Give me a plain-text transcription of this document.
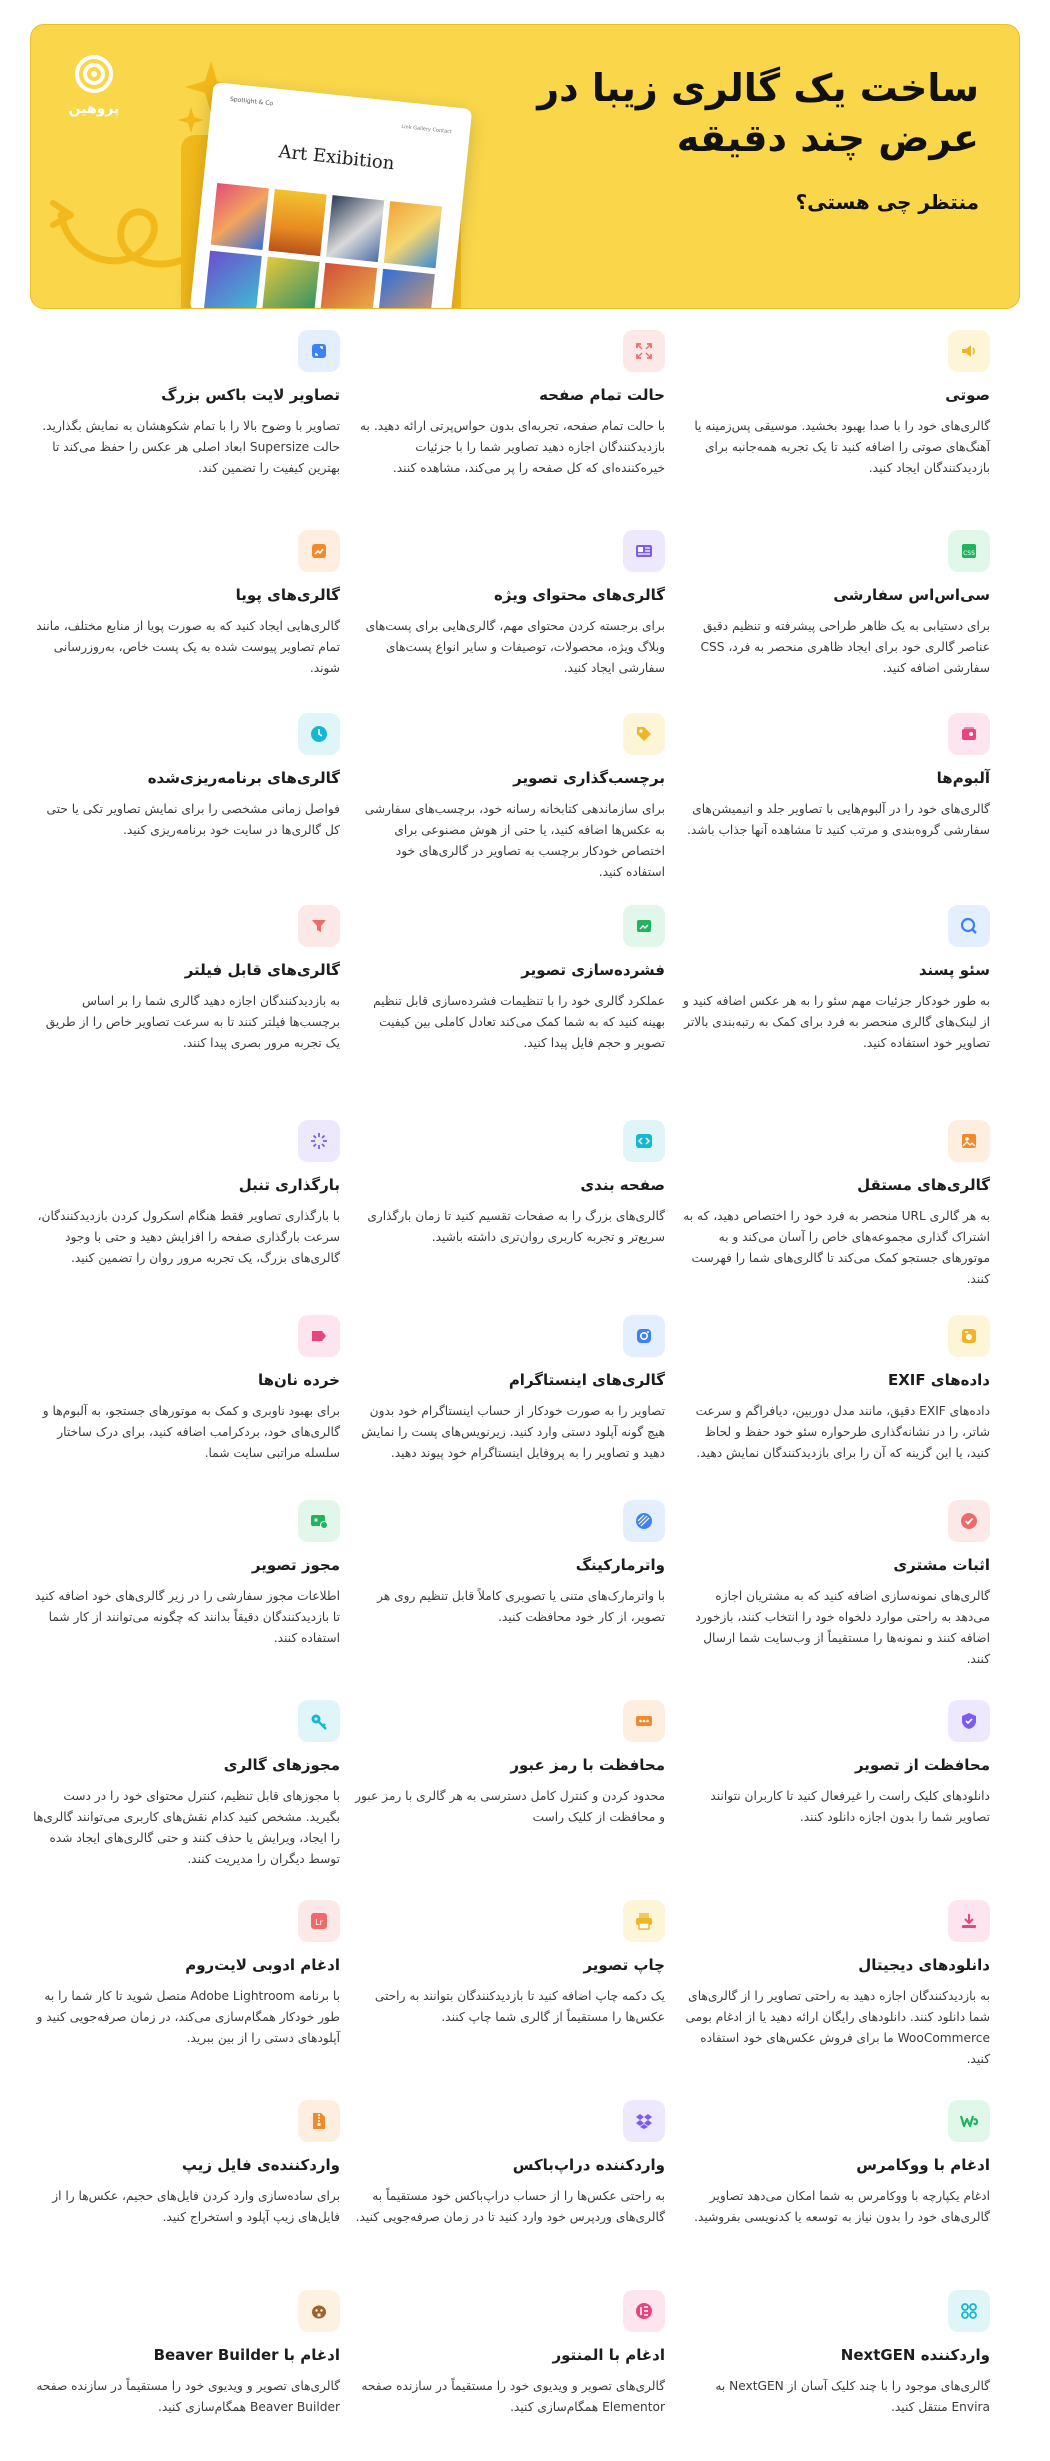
Spotlight & Co
Link Gallery Contact
Art Exibition
پروهین	ساخت یک گالری زیبا در عرض چند دقیقه
منتظر چی هستی؟
صوتی

گالری‌های خود را با صدا بهبود بخشید. موسیقی پس‌زمینه یا آهنگ‌های صوتی را اضافه کنید تا یک تجربه همه‌جانبه برای بازدیدکنندگان ایجاد کنید.

حالت تمام صفحه

با حالت تمام صفحه، تجربه‌ای بدون حواس‌پرتی ارائه دهید. به بازدیدکنندگان اجازه دهید تصاویر شما را با جزئیات خیره‌کننده‌ای که کل صفحه را پر می‌کند، مشاهده کنند.

تصاویر لایت باکس بزرگ

تصاویر با وضوح بالا را با تمام شکوهشان به نمایش بگذارید. حالت Supersize ابعاد اصلی هر عکس را حفظ می‌کند تا بهترین کیفیت را تضمین کند.

CSS
سی‌اس‌اس سفارشی

برای دستیابی به یک ظاهر طراحی پیشرفته و تنظیم دقیق عناصر گالری خود برای ایجاد ظاهری منحصر به فرد، CSS سفارشی اضافه کنید.

گالری‌های محتوای ویژه

برای برجسته کردن محتوای مهم، گالری‌هایی برای پست‌های وبلاگ ویژه، محصولات، توصیفات و سایر انواع پست‌های سفارشی ایجاد کنید.

گالری‌های پویا

گالری‌هایی ایجاد کنید که به صورت پویا از منابع مختلف، مانند تمام تصاویر پیوست شده به یک پست خاص، به‌روزرسانی شوند.

آلبوم‌ها

گالری‌های خود را در آلبوم‌هایی با تصاویر جلد و انیمیشن‌های سفارشی گروه‌بندی و مرتب کنید تا مشاهده آنها جذاب باشد.

برچسب‌گذاری تصویر

برای سازماندهی کتابخانه رسانه خود، برچسب‌های سفارشی به عکس‌ها اضافه کنید، یا حتی از هوش مصنوعی برای اختصاص خودکار برچسب به تصاویر در گالری‌های خود استفاده کنید.

گالری‌های برنامه‌ریزی‌شده

فواصل زمانی مشخصی را برای نمایش تصاویر تکی یا حتی کل گالری‌ها در سایت خود برنامه‌ریزی کنید.

سئو پسند

به طور خودکار جزئیات مهم سئو را به هر عکس اضافه کنید و از لینک‌های گالری منحصر به فرد برای کمک به رتبه‌بندی بالاتر تصاویر خود استفاده کنید.

فشرده‌سازی تصویر

عملکرد گالری خود را با تنظیمات فشرده‌سازی قابل تنظیم بهینه کنید که به شما کمک می‌کند تعادل کاملی بین کیفیت تصویر و حجم فایل پیدا کنید.

گالری‌های قابل فیلتر

به بازدیدکنندگان اجازه دهید گالری شما را بر اساس برچسب‌ها فیلتر کنند تا به سرعت تصاویر خاص را از طریق یک تجربه مرور بصری پیدا کنند.

گالری‌های مستقل

به هر گالری URL منحصر به فرد خود را اختصاص دهید، که به اشتراک گذاری مجموعه‌های خاص را آسان می‌کند و به موتورهای جستجو کمک می‌کند تا گالری‌های شما را فهرست کنند.

صفحه بندی

گالری‌های بزرگ را به صفحات تقسیم کنید تا زمان بارگذاری سریع‌تر و تجربه کاربری روان‌تری داشته باشید.

بارگذاری تنبل

با بارگذاری تصاویر فقط هنگام اسکرول کردن بازدیدکنندگان، سرعت بارگذاری صفحه را افزایش دهید و حتی با وجود گالری‌های بزرگ، یک تجربه مرور روان را تضمین کنید.

داده‌های EXIF

داده‌های EXIF دقیق، مانند مدل دوربین، دیافراگم و سرعت شاتر، را در نشانه‌گذاری طرحواره سئو خود حفظ و لحاظ کنید، یا این گزینه که آن را برای بازدیدکنندگان نمایش دهید.

گالری‌های اینستاگرام

تصاویر را به صورت خودکار از حساب اینستاگرام خود بدون هیچ گونه آپلود دستی وارد کنید. زیرنویس‌های پست را نمایش دهید و تصاویر را به پروفایل اینستاگرام خود پیوند دهید.

خرده نان‌ها

برای بهبود ناوبری و کمک به موتورهای جستجو، به آلبوم‌ها و گالری‌های خود، بردکرامب اضافه کنید، برای درک ساختار سلسله مراتبی سایت شما.

اثبات مشتری

گالری‌های نمونه‌سازی اضافه کنید که به مشتریان اجازه می‌دهد به راحتی موارد دلخواه خود را انتخاب کنند، بازخورد اضافه کنند و نمونه‌ها را مستقیماً از وب‌سایت شما ارسال کنند.

واترمارکینگ

با واترمارک‌های متنی یا تصویری کاملاً قابل تنظیم روی هر تصویر، از کار خود محافظت کنید.

مجوز تصویر

اطلاعات مجوز سفارشی را در زیر گالری‌های خود اضافه کنید تا بازدیدکنندگان دقیقاً بدانند که چگونه می‌توانند از کار شما استفاده کنند.

محافظت از تصویر

دانلودهای کلیک راست را غیرفعال کنید تا کاربران نتوانند تصاویر شما را بدون اجازه دانلود کنند.

محافظت با رمز عبور

محدود کردن و کنترل کامل دسترسی به هر گالری با رمز عبور و محافظت از کلیک راست

مجوزهای گالری

با مجوزهای قابل تنظیم، کنترل محتوای خود را در دست بگیرید. مشخص کنید کدام نقش‌های کاربری می‌توانند گالری‌ها را ایجاد، ویرایش یا حذف کنند و حتی گالری‌های ایجاد شده توسط دیگران را مدیریت کنند.

دانلودهای دیجیتال

به بازدیدکنندگان اجازه دهید به راحتی تصاویر را از گالری‌های شما دانلود کنند. دانلودهای رایگان ارائه دهید یا از ادغام بومی WooCommerce ما برای فروش عکس‌های خود استفاده کنید.

چاپ تصویر

یک دکمه چاپ اضافه کنید تا بازدیدکنندگان بتوانند به راحتی عکس‌ها را مستقیماً از گالری شما چاپ کنند.

Lr
ادغام ادوبی لایت‌روم

با برنامه Adobe Lightroom متصل شوید تا کار شما را به طور خودکار همگام‌سازی می‌کند، در زمان صرفه‌جویی کنید و آپلودهای دستی را از بین ببرید.

ادغام با ووکامرس

ادغام یکپارچه با ووکامرس به شما امکان می‌دهد تصاویر گالری‌های خود را بدون نیاز به توسعه یا کدنویسی بفروشید.

وارد‌کننده دراپ‌باکس

به راحتی عکس‌ها را از حساب دراپ‌باکس خود مستقیماً به گالری‌های وردپرس خود وارد کنید تا در زمان صرفه‌جویی کنید.

واردکننده‌ی فایل زیپ

برای ساده‌سازی وارد کردن فایل‌های حجیم، عکس‌ها را از فایل‌های زیپ آپلود و استخراج کنید.

وارد‌کننده NextGEN

گالری‌های موجود را با چند کلیک آسان از NextGEN به Envira منتقل کنید.

ادغام با المنتور

گالری‌های تصویر و ویدیوی خود را مستقیماً در سازنده صفحه Elementor همگام‌سازی کنید.

ادغام با Beaver Builder

گالری‌های تصویر و ویدیوی خود را مستقیماً در سازنده صفحه Beaver Builder همگام‌سازی کنید.
